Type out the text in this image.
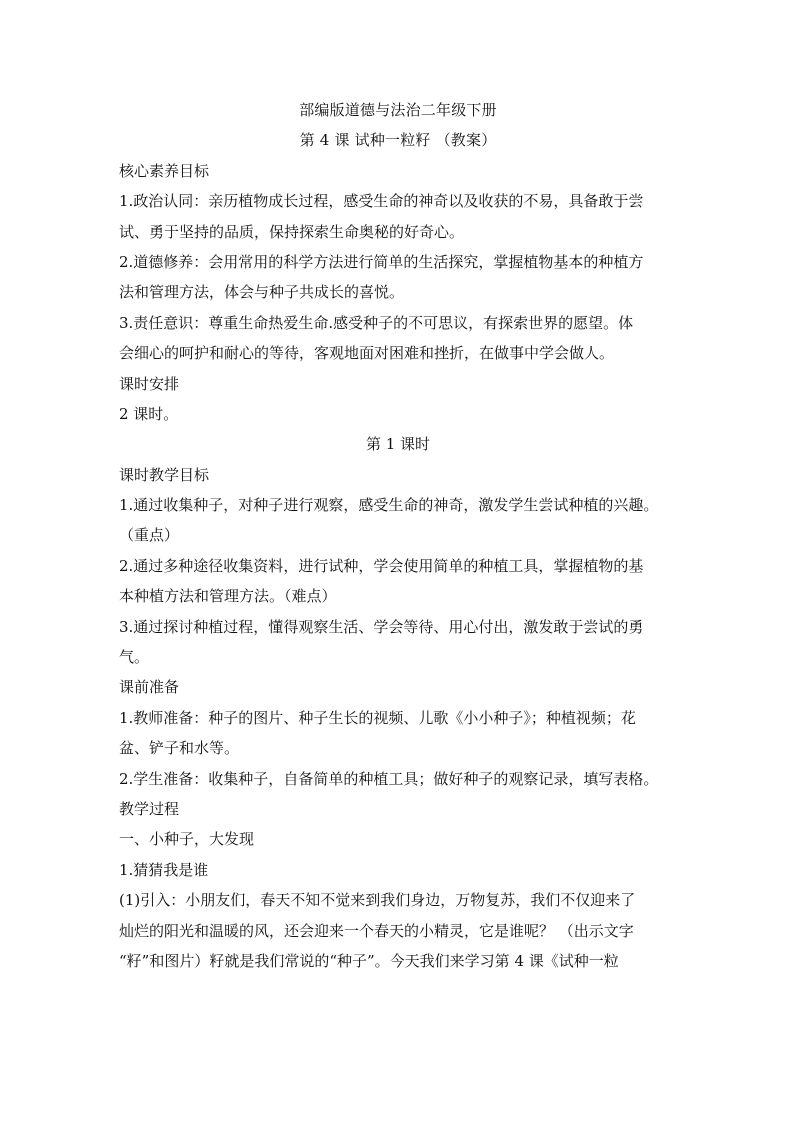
部编版道德与法治二年级下册
第 4 课 试种一粒籽 （教案）
核心素养目标
1.政治认同：亲历植物成长过程，感受生命的神奇以及收获的不易，具备敢于尝
试、勇于坚持的品质，保持探索生命奥秘的好奇心。
2.道德修养：会用常用的科学方法进行简单的生活探究，掌握植物基本的种植方
法和管理方法，体会与种子共成长的喜悦。
3.责任意识：尊重生命热爱生命.感受种子的不可思议，有探索世界的愿望。体
会细心的呵护和耐心的等待，客观地面对困难和挫折，在做事中学会做人。
课时安排
2 课时。
第 1 课时
课时教学目标
1.通过收集种子，对种子进行观察，感受生命的神奇，激发学生尝试种植的兴趣。
（重点）
2.通过多种途径收集资料，进行试种，学会使用简单的种植工具，掌握植物的基
本种植方法和管理方法。（难点）
3.通过探讨种植过程，懂得观察生活、学会等待、用心付出，激发敢于尝试的勇
气。
课前准备
1.教师准备：种子的图片、种子生长的视频、儿歌《小小种子》；种植视频；花
盆、铲子和水等。
2.学生准备：收集种子，自备简单的种植工具；做好种子的观察记录，填写表格。
教学过程
一、小种子，大发现
1.猜猜我是谁
(1)引入：小朋友们，春天不知不觉来到我们身边，万物复苏，我们不仅迎来了
灿烂的阳光和温暖的风，还会迎来一个春天的小精灵，它是谁呢？ （出示文字
“籽”和图片）籽就是我们常说的“种子”。今天我们来学习第 4 课《试种一粒
